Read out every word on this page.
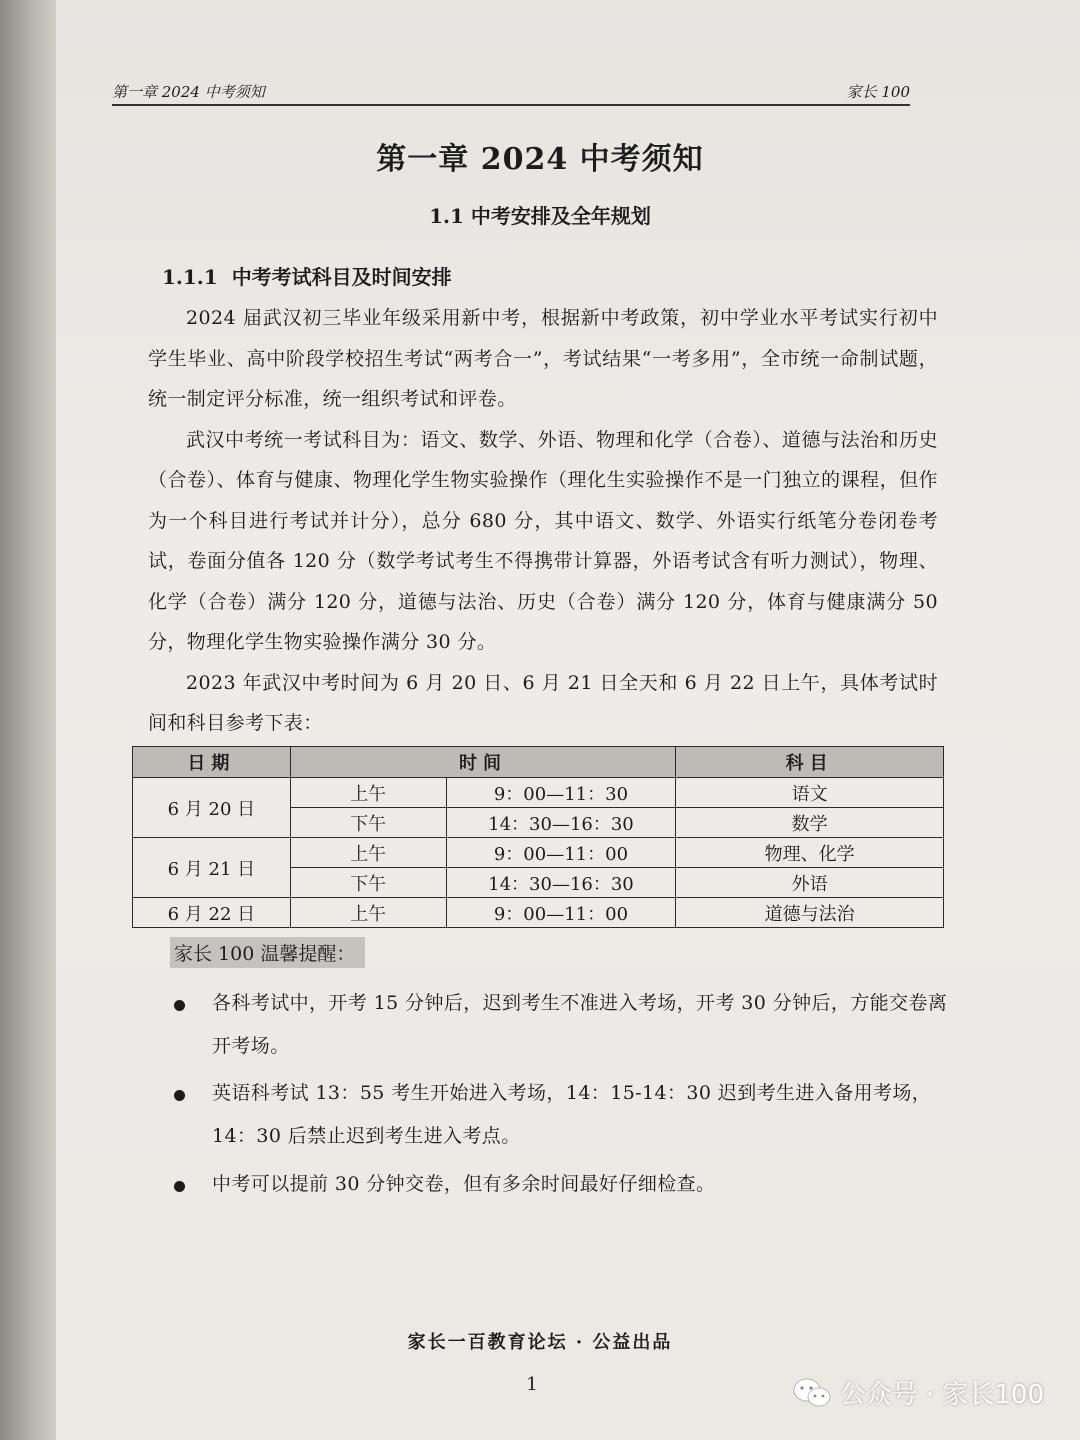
第一章 2024 中考须知	家长 100
第一章 2024 中考须知
1.1 中考安排及全年规划
1.1.1 中考考试科目及时间安排

2024 届武汉初三毕业年级采用新中考，根据新中考政策，初中学业水平考试实行初中学生毕业、高中阶段学校招生考试“两考合一”，考试结果“一考多用”，全市统一命制试题，统一制定评分标准，统一组织考试和评卷。

武汉中考统一考试科目为：语文、数学、外语、物理和化学（合卷）、道德与法治和历史（合卷）、体育与健康、物理化学生物实验操作（理化生实验操作不是一门独立的课程，但作为一个科目进行考试并计分），总分 680 分，其中语文、数学、外语实行纸笔分卷闭卷考试，卷面分值各 120 分（数学考试考生不得携带计算器，外语考试含有听力测试），物理、化学（合卷）满分 120 分，道德与法治、历史（合卷）满分 120 分，体育与健康满分 50 分，物理化学生物实验操作满分 30 分。

2023 年武汉中考时间为 6 月 20 日、6 月 21 日全天和 6 月 22 日上午，具体考试时间和科目参考下表：

日期	时间		科目
6 月 20 日	上午	9：00—11：30	语文
	下午	14：30—16：30	数学
6 月 21 日	上午	9：00—11：00	物理、化学
	下午	14：30—16：30	外语
6 月 22 日	上午	9：00—11：00	道德与法治
家长 100 温馨提醒：
各科考试中，开考 15 分钟后，迟到考生不准进入考场，开考 30 分钟后，方能交卷离开考场。
英语科考试 13：55 考生开始进入考场，14：15-14：30 迟到考生进入备用考场，14：30 后禁止迟到考生进入考点。
中考可以提前 30 分钟交卷，但有多余时间最好仔细检查。
家长一百教育论坛 · 公益出品
1	公众号 · 家长100
